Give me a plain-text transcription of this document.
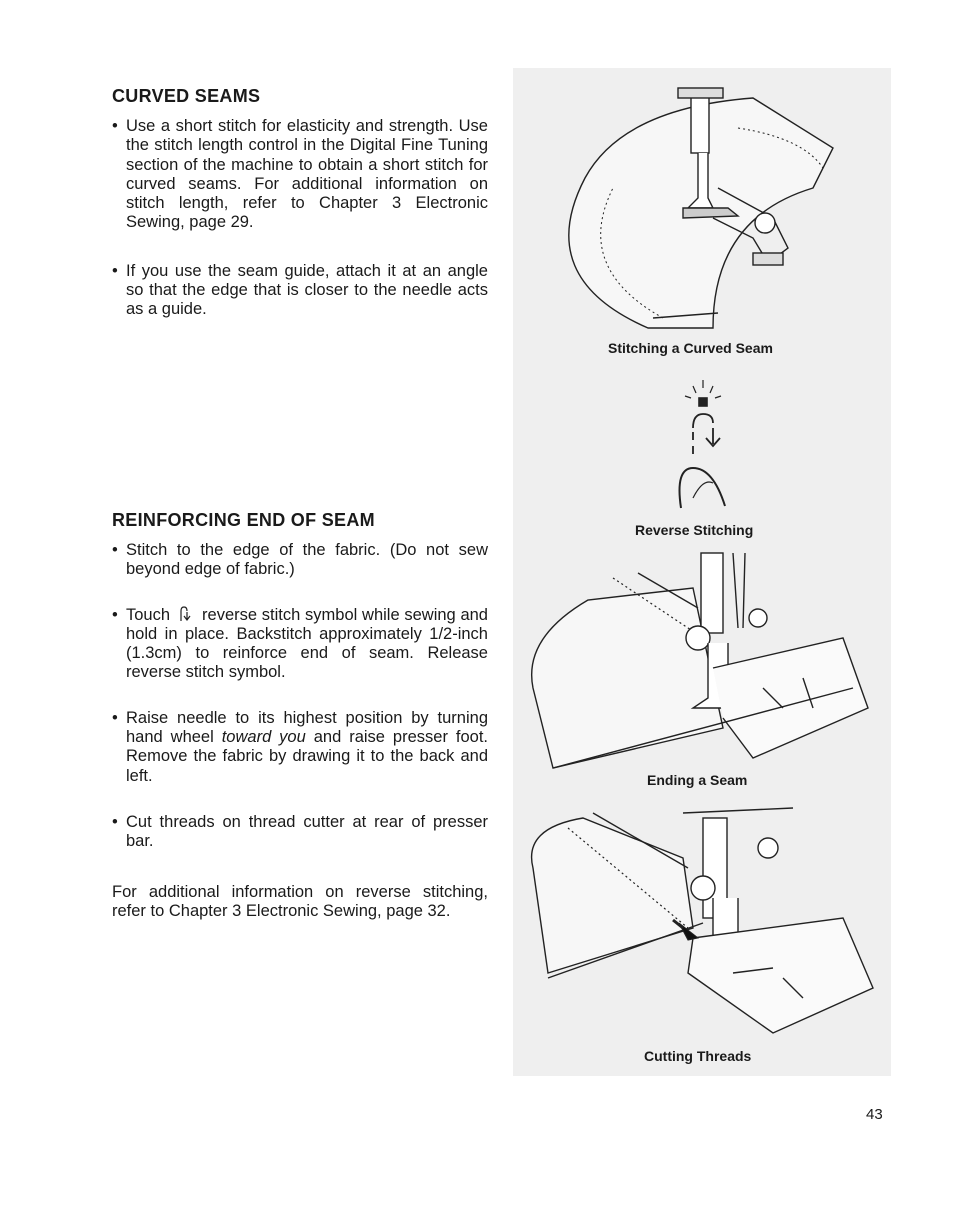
CURVED SEAMS
• Use a short stitch for elasticity and strength. Use the stitch length control in the Digital Fine Tuning section of the machine to obtain a short stitch for curved seams. For additional information on stitch length, refer to Chapter 3 Electronic Sewing, page 29.
• If you use the seam guide, attach it at an angle so that the edge that is closer to the needle acts as a guide.
REINFORCING END OF SEAM
• Stitch to the edge of the fabric. (Do not sew beyond edge of fabric.)
• Touch reverse stitch symbol while sewing and hold in place. Backstitch approximately 1/2-inch (1.3cm) to reinforce end of seam. Release reverse stitch symbol.
• Raise needle to its highest position by turning hand wheel toward you and raise presser foot. Remove the fabric by drawing it to the back and left.
• Cut threads on thread cutter at rear of presser bar.

For additional information on reverse stitching, refer to Chapter 3 Electronic Sewing, page 32.

Stitching a Curved Seam
Reverse Stitching
Ending a Seam
Cutting Threads
43
